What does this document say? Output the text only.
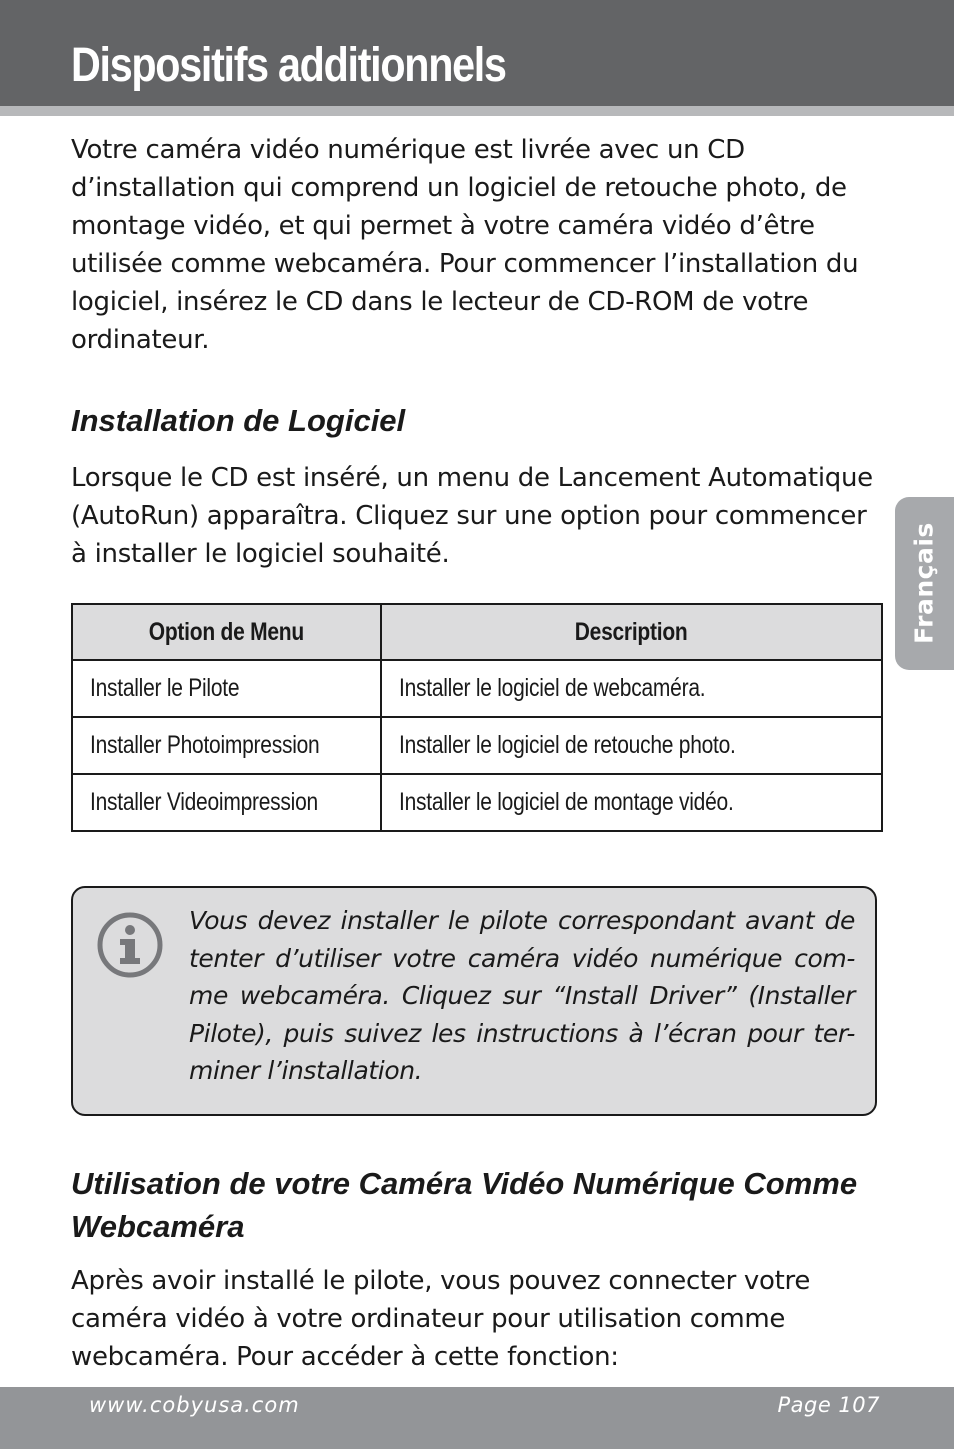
Dispositifs additionnels

Votre caméra vidéo numérique est livrée avec un CD d’installation qui comprend un logiciel de retouche photo, de montage vidéo, et qui permet à votre caméra vidéo d’être utilisée comme webcaméra. Pour commencer l’installation du logiciel, insérez le CD dans le lecteur de CD-ROM de votre ordinateur.

Installation de Logiciel

Lorsque le CD est inséré, un menu de Lancement Automatique (AutoRun) apparaîtra. Cliquez sur une option pour commencer à installer le logiciel souhaité.

Option de Menu	Description
Installer le Pilote	Installer le logiciel de webcaméra.
Installer Photoimpression	Installer le logiciel de retouche photo.
Installer Videoimpression	Installer le logiciel de montage vidéo.

Vous devez installer le pilote correspondant avant de tenter d’utiliser votre caméra vidéo numérique com-me webcaméra. Cliquez sur “Install Driver” (Installer Pilote), puis suivez les instructions à l’écran pour ter-miner l’installation.

Utilisation de votre Caméra Vidéo Numérique Comme Webcaméra

Après avoir installé le pilote, vous pouvez connecter votre caméra vidéo à votre ordinateur pour utilisation comme webcaméra. Pour accéder à cette fonction:

Français
www.cobyusa.com	Page 107
